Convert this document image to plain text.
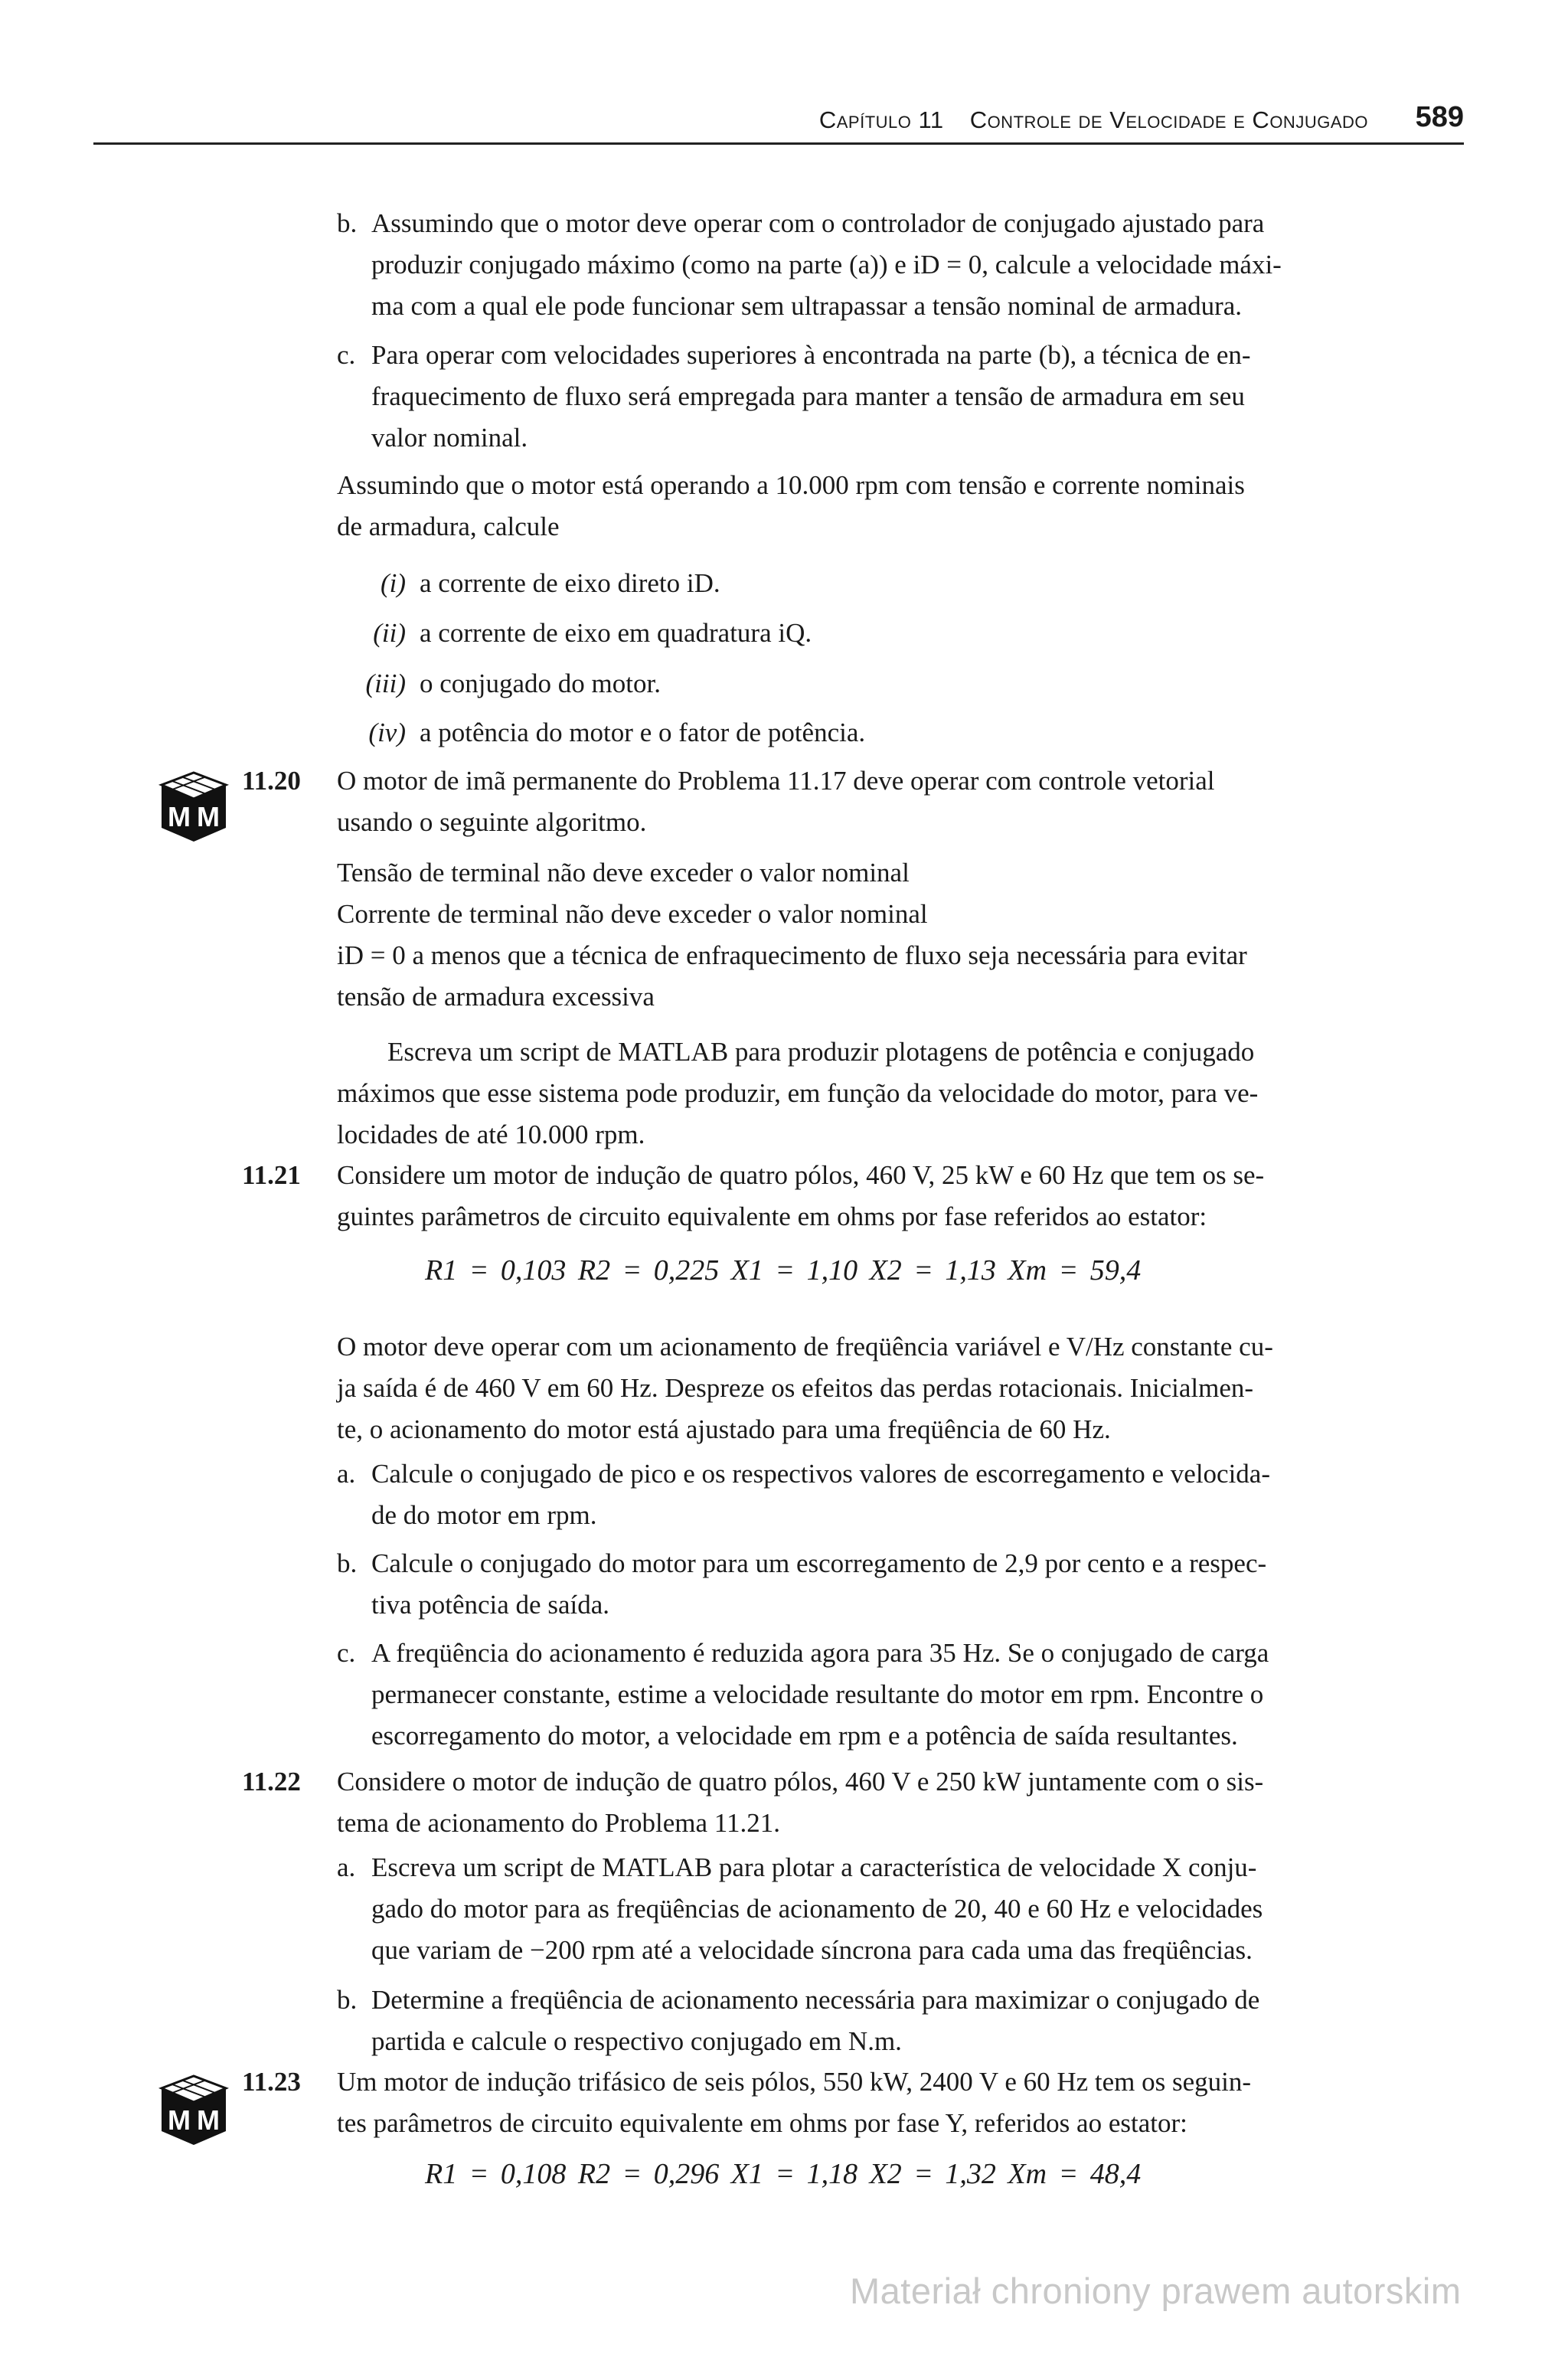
Capítulo 11 Controle de Velocidade e Conjugado 589
b. Assumindo que o motor deve operar com o controlador de conjugado ajustado para
produzir conjugado máximo (como na parte (a)) e iD = 0, calcule a velocidade máxi-
ma com a qual ele pode funcionar sem ultrapassar a tensão nominal de armadura.
c. Para operar com velocidades superiores à encontrada na parte (b), a técnica de en-
fraquecimento de fluxo será empregada para manter a tensão de armadura em seu
valor nominal.
Assumindo que o motor está operando a 10.000 rpm com tensão e corrente nominais
de armadura, calcule
(i) a corrente de eixo direto iD.
(ii) a corrente de eixo em quadratura iQ.
(iii) o conjugado do motor.
(iv) a potência do motor e o fator de potência.
M M
11.20 O motor de imã permanente do Problema 11.17 deve operar com controle vetorial
usando o seguinte algoritmo.
Tensão de terminal não deve exceder o valor nominal
Corrente de terminal não deve exceder o valor nominal
iD = 0 a menos que a técnica de enfraquecimento de fluxo seja necessária para evitar
tensão de armadura excessiva
Escreva um script de MATLAB para produzir plotagens de potência e conjugado
máximos que esse sistema pode produzir, em função da velocidade do motor, para ve-
locidades de até 10.000 rpm.
11.21 Considere um motor de indução de quatro pólos, 460 V, 25 kW e 60 Hz que tem os se-
guintes parâmetros de circuito equivalente em ohms por fase referidos ao estator:
R1 = 0,103 R2 = 0,225 X1 = 1,10 X2 = 1,13 Xm = 59,4
O motor deve operar com um acionamento de freqüência variável e V/Hz constante cu-
ja saída é de 460 V em 60 Hz. Despreze os efeitos das perdas rotacionais. Inicialmen-
te, o acionamento do motor está ajustado para uma freqüência de 60 Hz.
a. Calcule o conjugado de pico e os respectivos valores de escorregamento e velocida-
de do motor em rpm.
b. Calcule o conjugado do motor para um escorregamento de 2,9 por cento e a respec-
tiva potência de saída.
c. A freqüência do acionamento é reduzida agora para 35 Hz. Se o conjugado de carga
permanecer constante, estime a velocidade resultante do motor em rpm. Encontre o
escorregamento do motor, a velocidade em rpm e a potência de saída resultantes.
11.22 Considere o motor de indução de quatro pólos, 460 V e 250 kW juntamente com o sis-
tema de acionamento do Problema 11.21.
a. Escreva um script de MATLAB para plotar a característica de velocidade X conju-
gado do motor para as freqüências de acionamento de 20, 40 e 60 Hz e velocidades
que variam de −200 rpm até a velocidade síncrona para cada uma das freqüências.
b. Determine a freqüência de acionamento necessária para maximizar o conjugado de
partida e calcule o respectivo conjugado em N.m.
M M
11.23 Um motor de indução trifásico de seis pólos, 550 kW, 2400 V e 60 Hz tem os seguin-
tes parâmetros de circuito equivalente em ohms por fase Y, referidos ao estator:
R1 = 0,108 R2 = 0,296 X1 = 1,18 X2 = 1,32 Xm = 48,4
Materiał chroniony prawem autorskim
